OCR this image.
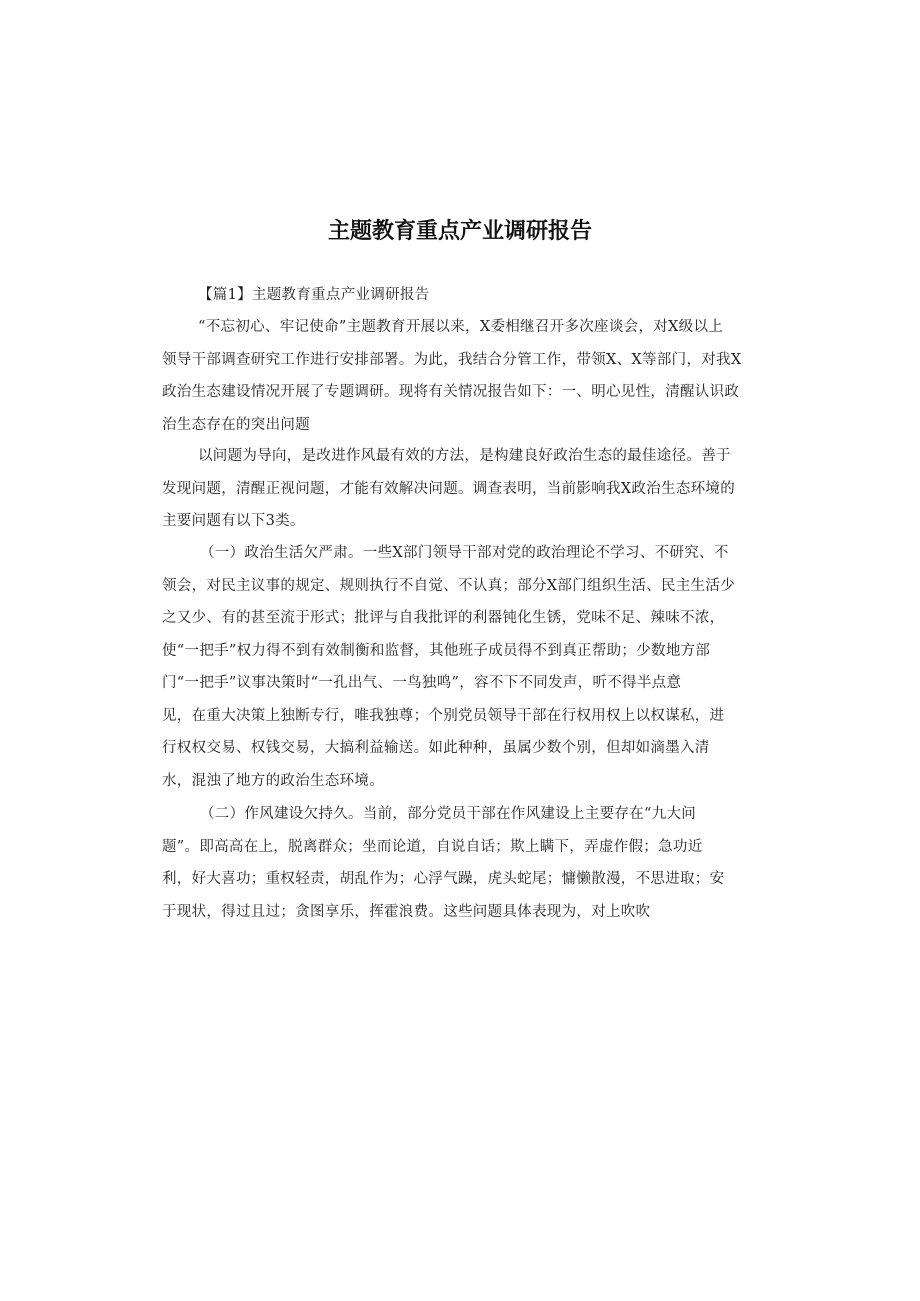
主题教育重点产业调研报告
【篇1】主题教育重点产业调研报告
“不忘初心、牢记使命”主题教育开展以来，X委相继召开多次座谈会，对X级以上
领导干部调查研究工作进行安排部署。为此，我结合分管工作，带领X、X等部门，对我X
政治生态建设情况开展了专题调研。现将有关情况报告如下：一、明心见性，清醒认识政
治生态存在的突出问题
以问题为导向，是改进作风最有效的方法，是构建良好政治生态的最佳途径。善于
发现问题，清醒正视问题，才能有效解决问题。调查表明，当前影响我X政治生态环境的
主要问题有以下3类。
（一）政治生活欠严肃。一些X部门领导干部对党的政治理论不学习、不研究、不
领会，对民主议事的规定、规则执行不自觉、不认真；部分X部门组织生活、民主生活少
之又少、有的甚至流于形式；批评与自我批评的利器钝化生锈，党味不足、辣味不浓，
使“一把手”权力得不到有效制衡和监督，其他班子成员得不到真正帮助；少数地方部
门“一把手”议事决策时“一孔出气、一鸟独鸣”，容不下不同发声，听不得半点意
见，在重大决策上独断专行，唯我独尊；个别党员领导干部在行权用权上以权谋私，进
行权权交易、权钱交易，大搞利益输送。如此种种，虽属少数个别，但却如滴墨入清
水，混浊了地方的政治生态环境。
（二）作风建设欠持久。当前，部分党员干部在作风建设上主要存在“九大问
题”。即高高在上，脱离群众；坐而论道，自说自话；欺上瞒下，弄虚作假；急功近
利，好大喜功；重权轻责，胡乱作为；心浮气躁，虎头蛇尾；慵懒散漫，不思进取；安
于现状，得过且过；贪图享乐，挥霍浪费。这些问题具体表现为，对上吹吹
